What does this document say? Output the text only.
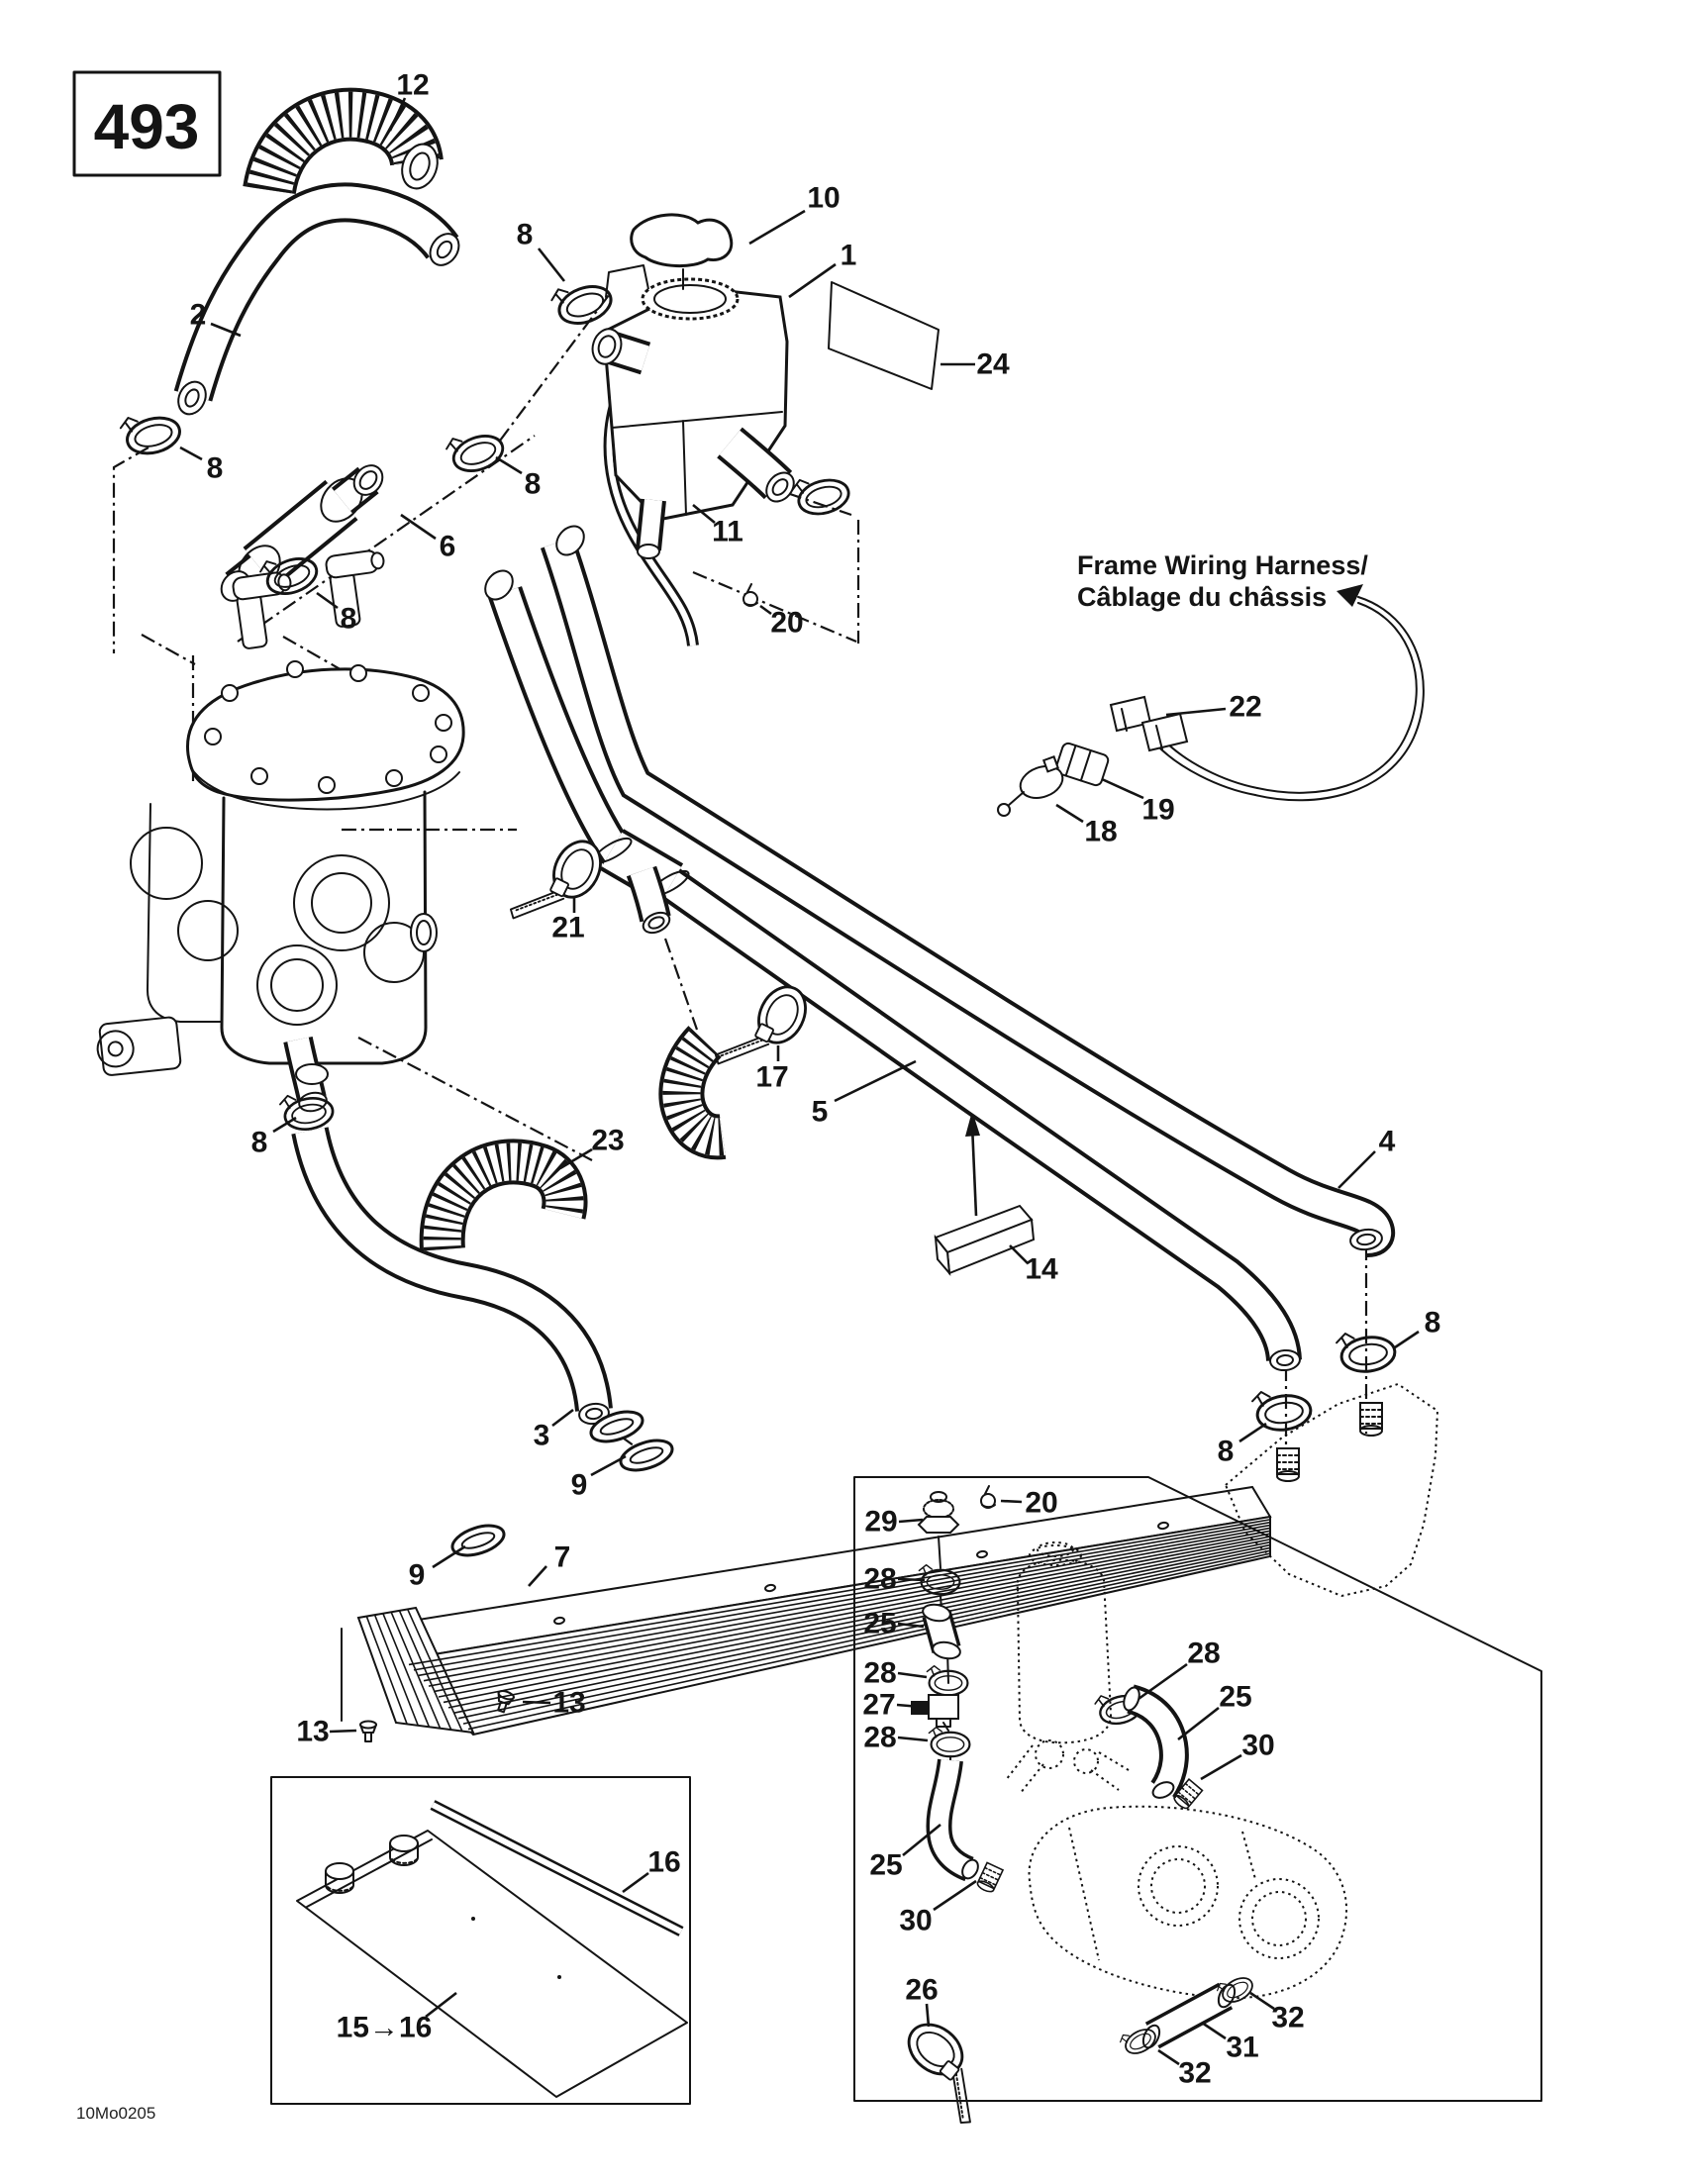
493
Frame Wiring Harness/
Câblage du châssis
10Mo0205
12
8
2
10
1
24
8	8
6
8
11
22
19
18
20
21
17
5
23
8
14
4
8
8
3
9
7
9
13
13
16
15→16
29
20
28
25
28
27
28
28
25
30
25
30
26
32
31
32
